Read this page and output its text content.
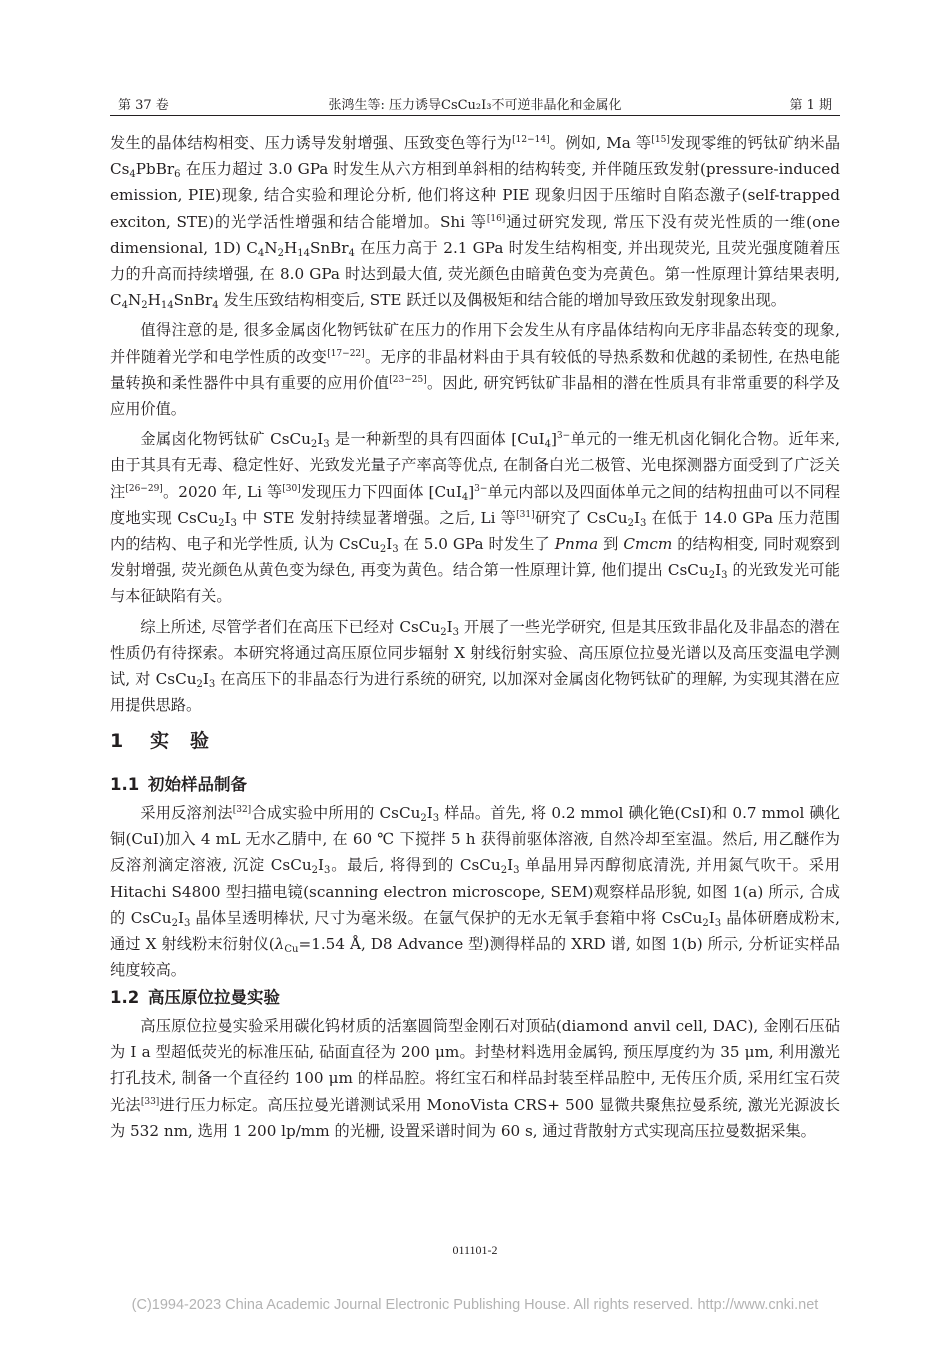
第 37 卷	张鸿生等: 压力诱导CsCu₂I₃不可逆非晶化和金属化	第 1 期

发生的晶体结构相变、压力诱导发射增强、压致变色等行为[12−14]。例如, Ma 等[15]发现零维的钙钛矿纳米晶 $Cs_4PbBr_6$ 在压力超过 3.0 GPa 时发生从六方相到单斜相的结构转变, 并伴随压致发射(pressure-induced emission, PIE)现象, 结合实验和理论分析, 他们将这种 PIE 现象归因于压缩时自陷态激子(self-trapped exciton, STE)的光学活性增强和结合能增加。Shi 等[16]通过研究发现, 常压下没有荧光性质的一维(one dimensional, 1D) $C_4N_2H_{14}SnBr_4$ 在压力高于 2.1 GPa 时发生结构相变, 并出现荧光, 且荧光强度随着压力的升高而持续增强, 在 8.0 GPa 时达到最大值, 荧光颜色由暗黄色变为亮黄色。第一性原理计算结果表明, $C_4N_2H_{14}SnBr_4$ 发生压致结构相变后, STE 跃迁以及偶极矩和结合能的增加导致压致发射现象出现。

值得注意的是, 很多金属卤化物钙钛矿在压力的作用下会发生从有序晶体结构向无序非晶态转变的现象, 并伴随着光学和电学性质的改变[17−22]。无序的非晶材料由于具有较低的导热系数和优越的柔韧性, 在热电能量转换和柔性器件中具有重要的应用价值[23−25]。因此, 研究钙钛矿非晶相的潜在性质具有非常重要的科学及应用价值。

金属卤化物钙钛矿 $CsCu_2I_3$ 是一种新型的具有四面体 $[CuI_4]^{3-}$单元的一维无机卤化铜化合物。近年来, 由于其具有无毒、稳定性好、光致发光量子产率高等优点, 在制备白光二极管、光电探测器方面受到了广泛关注[26−29]。2020 年, Li 等[30]发现压力下四面体 $[CuI_4]^{3-}$单元内部以及四面体单元之间的结构扭曲可以不同程度地实现 $CsCu_2I_3$ 中 STE 发射持续显著增强。之后, Li 等[31]研究了 $CsCu_2I_3$ 在低于 14.0 GPa 压力范围内的结构、电子和光学性质, 认为 $CsCu_2I_3$ 在 5.0 GPa 时发生了 Pnma 到 Cmcm 的结构相变, 同时观察到发射增强, 荧光颜色从黄色变为绿色, 再变为黄色。结合第一性原理计算, 他们提出 $CsCu_2I_3$ 的光致发光可能与本征缺陷有关。

综上所述, 尽管学者们在高压下已经对 $CsCu_2I_3$ 开展了一些光学研究, 但是其压致非晶化及非晶态的潜在性质仍有待探索。本研究将通过高压原位同步辐射 X 射线衍射实验、高压原位拉曼光谱以及高压变温电学测试, 对 $CsCu_2I_3$ 在高压下的非晶态行为进行系统的研究, 以加深对金属卤化物钙钛矿的理解, 为实现其潜在应用提供思路。

1 实　验
1.1 初始样品制备

采用反溶剂法[32]合成实验中所用的 $CsCu_2I_3$ 样品。首先, 将 0.2 mmol 碘化铯(CsI)和 0.7 mmol 碘化铜(CuI)加入 4 mL 无水乙腈中, 在 60 ℃ 下搅拌 5 h 获得前驱体溶液, 自然冷却至室温。然后, 用乙醚作为反溶剂滴定溶液, 沉淀 $CsCu_2I_3$。最后, 将得到的 $CsCu_2I_3$ 单晶用异丙醇彻底清洗, 并用氮气吹干。采用 Hitachi S4800 型扫描电镜(scanning electron microscope, SEM)观察样品形貌, 如图 1(a) 所示, 合成的 $CsCu_2I_3$ 晶体呈透明棒状, 尺寸为毫米级。在氩气保护的无水无氧手套箱中将 $CsCu_2I_3$ 晶体研磨成粉末, 通过 X 射线粉末衍射仪($\lambda_{Cu}=1.54$ Å, D8 Advance 型)测得样品的 XRD 谱, 如图 1(b) 所示, 分析证实样品纯度较高。

1.2 高压原位拉曼实验

高压原位拉曼实验采用碳化钨材质的活塞圆筒型金刚石对顶砧(diamond anvil cell, DAC), 金刚石压砧为 Ⅰ a 型超低荧光的标准压砧, 砧面直径为 200 μm。封垫材料选用金属钨, 预压厚度约为 35 μm, 利用激光打孔技术, 制备一个直径约 100 μm 的样品腔。将红宝石和样品封装至样品腔中, 无传压介质, 采用红宝石荧光法[33]进行压力标定。高压拉曼光谱测试采用 MonoVista CRS+ 500 显微共聚焦拉曼系统, 激光光源波长为 532 nm, 选用 1 200 lp/mm 的光栅, 设置采谱时间为 60 s, 通过背散射方式实现高压拉曼数据采集。

011101-2
(C)1994-2023 China Academic Journal Electronic Publishing House. All rights reserved. http://www.cnki.net
